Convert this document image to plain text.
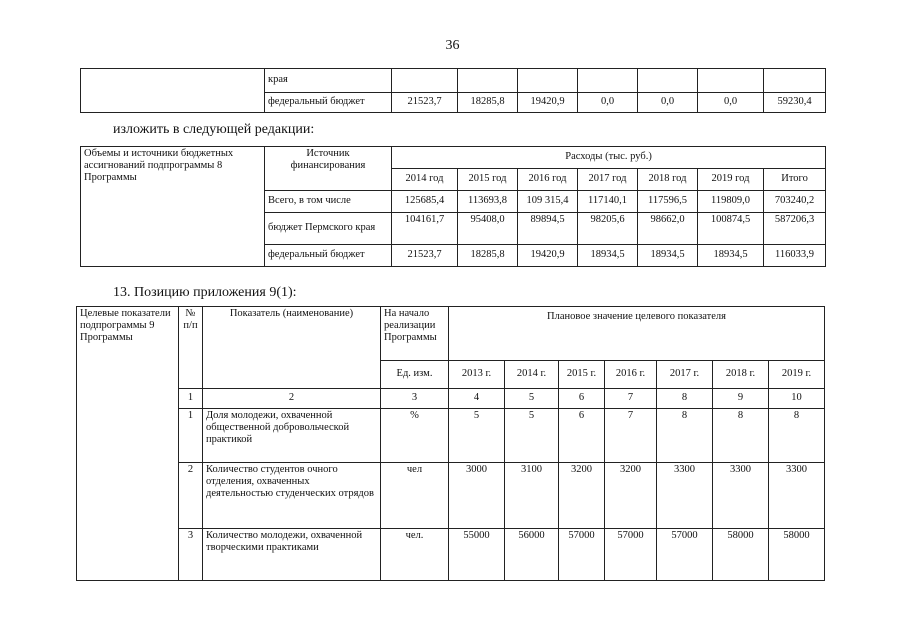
36
	края							
	федеральный бюджет	21523,7	18285,8	19420,9	0,0	0,0	0,0	59230,4
изложить в следующей редакции:
Объемы и источники бюджетных ассигнований подпрограммы 8 Программы	Источник финансирования	Расходы (тыс. руб.)						
		2014 год	2015 год	2016 год	2017 год	2018 год	2019 год	Итого
	Всего, в том числе	125685,4	113693,8	109 315,4	117140,1	117596,5	119809,0	703240,2
	бюджет Пермского края	104161,7	95408,0	89894,5	98205,6	98662,0	100874,5	587206,3
	федеральный бюджет	21523,7	18285,8	19420,9	18934,5	18934,5	18934,5	116033,9
13. Позицию приложения 9(1):
Целевые показатели подпрограммы 9 Программы	№ п/п	Показатель (наименование)	На начало реализации Программы	Плановое значение целевого показателя						
			Ед. изм.	2013 г.	2014 г.	2015 г.	2016 г.	2017 г.	2018 г.	2019 г.
	1	2	3	4	5	6	7	8	9	10
	1	Доля молодежи, охваченной общественной добровольческой практикой	%	5	5	6	7	8	8	8
	2	Количество студентов очного отделения, охваченных деятельностью студенческих отрядов	чел	3000	3100	3200	3200	3300	3300	3300
	3	Количество молодежи, охваченной творческими практиками	чел.	55000	56000	57000	57000	57000	58000	58000
